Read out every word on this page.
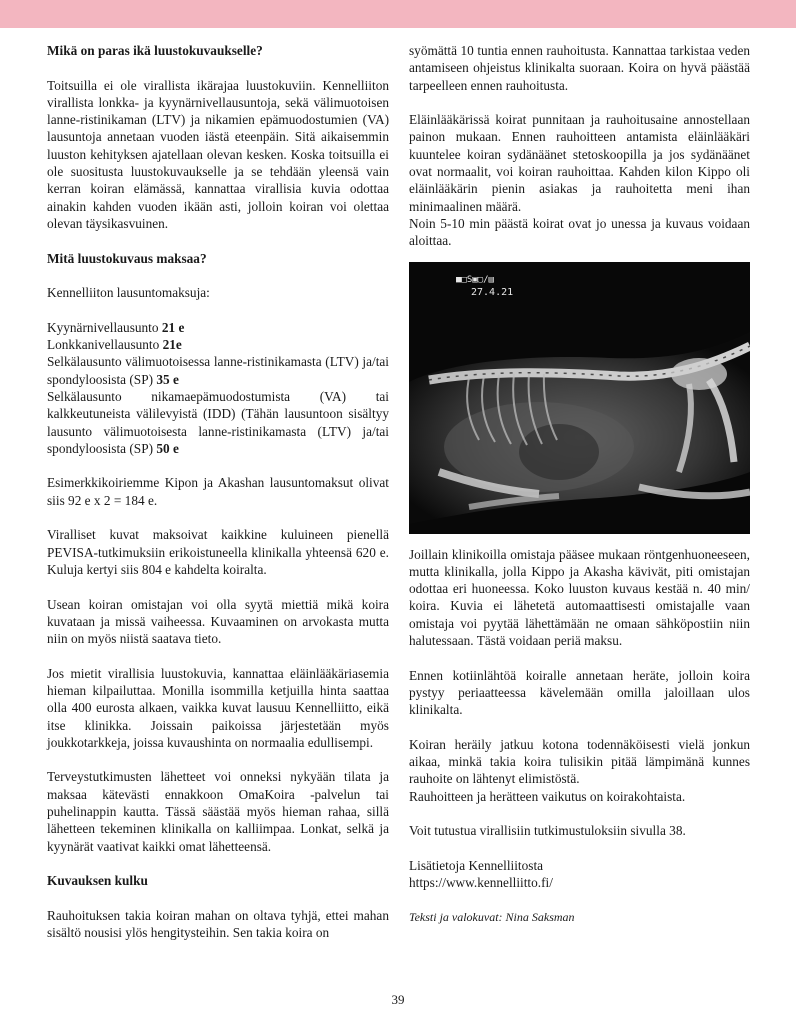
Mikä on paras ikä luustokuvaukselle?

Toitsuilla ei ole virallista ikärajaa luustokuviin. Kennelliiton virallista lonkka- ja kyynärnivellausuntoja, sekä välimuotoisen lanne-ristinikaman (LTV) ja nikamien epämuodostumien (VA) lausuntoja annetaan vuoden iästä eteenpäin. Sitä aikaisemmin luuston kehityksen ajatellaan olevan kesken. Koska toitsuilla ei ole suositusta luustokuvaukselle ja se tehdään yleensä vain kerran koiran elämässä, kannattaa virallisia kuvia odottaa ainakin kahden vuoden ikään asti, jolloin koiran voi olettaa olevan täysikasvuinen.

Mitä luustokuvaus maksaa?

Kennelliiton lausuntomaksuja:

Kyynärnivellausunto 21 e
Lonkkanivellausunto 21e
Selkälausunto välimuotoisessa lanne-ristinikamasta (LTV) ja/tai spondyloosista (SP) 35 e
Selkälausunto nikamaepämuodostumista (VA) tai kalkkeutuneista välilevyistä (IDD) (Tähän lausuntoon sisältyy lausunto välimuotoisesta lanne-ristinikamasta (LTV) ja/tai spondyloosista (SP) 50 e

Esimerkkikoiriemme Kipon ja Akashan lausuntomaksut olivat siis 92 e x 2 = 184 e.

Viralliset kuvat maksoivat kaikkine kuluineen pienellä PEVISA-tutkimuksiin erikoistuneella klinikalla yhteensä 620 e. Kuluja kertyi siis 804 e kahdelta koiralta.

Usean koiran omistajan voi olla syytä miettiä mikä koira kuvataan ja missä vaiheessa. Kuvaaminen on arvokasta mutta niin on myös niistä saatava tieto.

Jos mietit virallisia luustokuvia, kannattaa eläinlääkäriasemia hieman kilpailuttaa. Monilla isommilla ketjuilla hinta saattaa olla 400 eurosta alkaen, vaikka kuvat lausuu Kennelliitto, eikä itse klinikka. Joissain paikoissa järjestetään myös joukkotarkkeja, joissa kuvaushinta on normaalia edullisempi.

Terveystutkimusten lähetteet voi onneksi nykyään tilata ja maksaa kätevästi ennakkoon OmaKoira -palvelun tai puhelinappin kautta. Tässä säästää myös hieman rahaa, sillä lähetteen tekeminen klinikalla on kalliimpaa. Lonkat, selkä ja kyynärät vaativat kaikki omat lähetteensä.

Kuvauksen kulku

Rauhoituksen takia koiran mahan on oltava tyhjä, ettei mahan sisältö nousisi ylös hengitysteihin. Sen takia koira on

syömättä 10 tuntia ennen rauhoitusta. Kannattaa tarkistaa veden antamiseen ohjeistus klinikalta suoraan. Koira on hyvä päästää tarpeelleen ennen rauhoitusta.

Eläinlääkärissä koirat punnitaan ja rauhoitusaine annostellaan painon mukaan. Ennen rauhoitteen antamista eläinlääkäri kuuntelee koiran sydänäänet stetoskoopilla ja jos sydänäänet ovat normaalit, voi koiran rauhoittaa. Kahden kilon Kippo oli eläinlääkärin pienin asiakas ja rauhoitetta meni ihan minimaalinen määrä.

Noin 5-10 min päästä koirat ovat jo unessa ja kuvaus voidaan aloittaa.

■□S▣▢/▤
27.4.21

Joillain klinikoilla omistaja pääsee mukaan röntgenhuoneeseen, mutta klinikalla, jolla Kippo ja Akasha kävivät, piti omistajan odottaa eri huoneessa. Koko luuston kuvaus kestää n. 40 min/ koira. Kuvia ei lähetetä automaattisesti omistajalle vaan omistaja voi pyytää lähettämään ne omaan sähköpostiin niin halutessaan. Tästä voidaan periä maksu.

Ennen kotiinlähtöä koiralle annetaan heräte, jolloin koira pystyy periaatteessa kävelemään omilla jaloillaan ulos klinikalta.

Koiran heräily jatkuu kotona todennäköisesti vielä jonkun aikaa, minkä takia koira tulisikin pitää lämpimänä kunnes rauhoite on lähtenyt elimistöstä.

Rauhoitteen ja herätteen vaikutus on koirakohtaista.

Voit tutustua virallisiin tutkimustuloksiin sivulla 38.

Lisätietoja Kennelliitosta
https://www.kennelliitto.fi/
Teksti ja valokuvat: Nina Saksman
39
